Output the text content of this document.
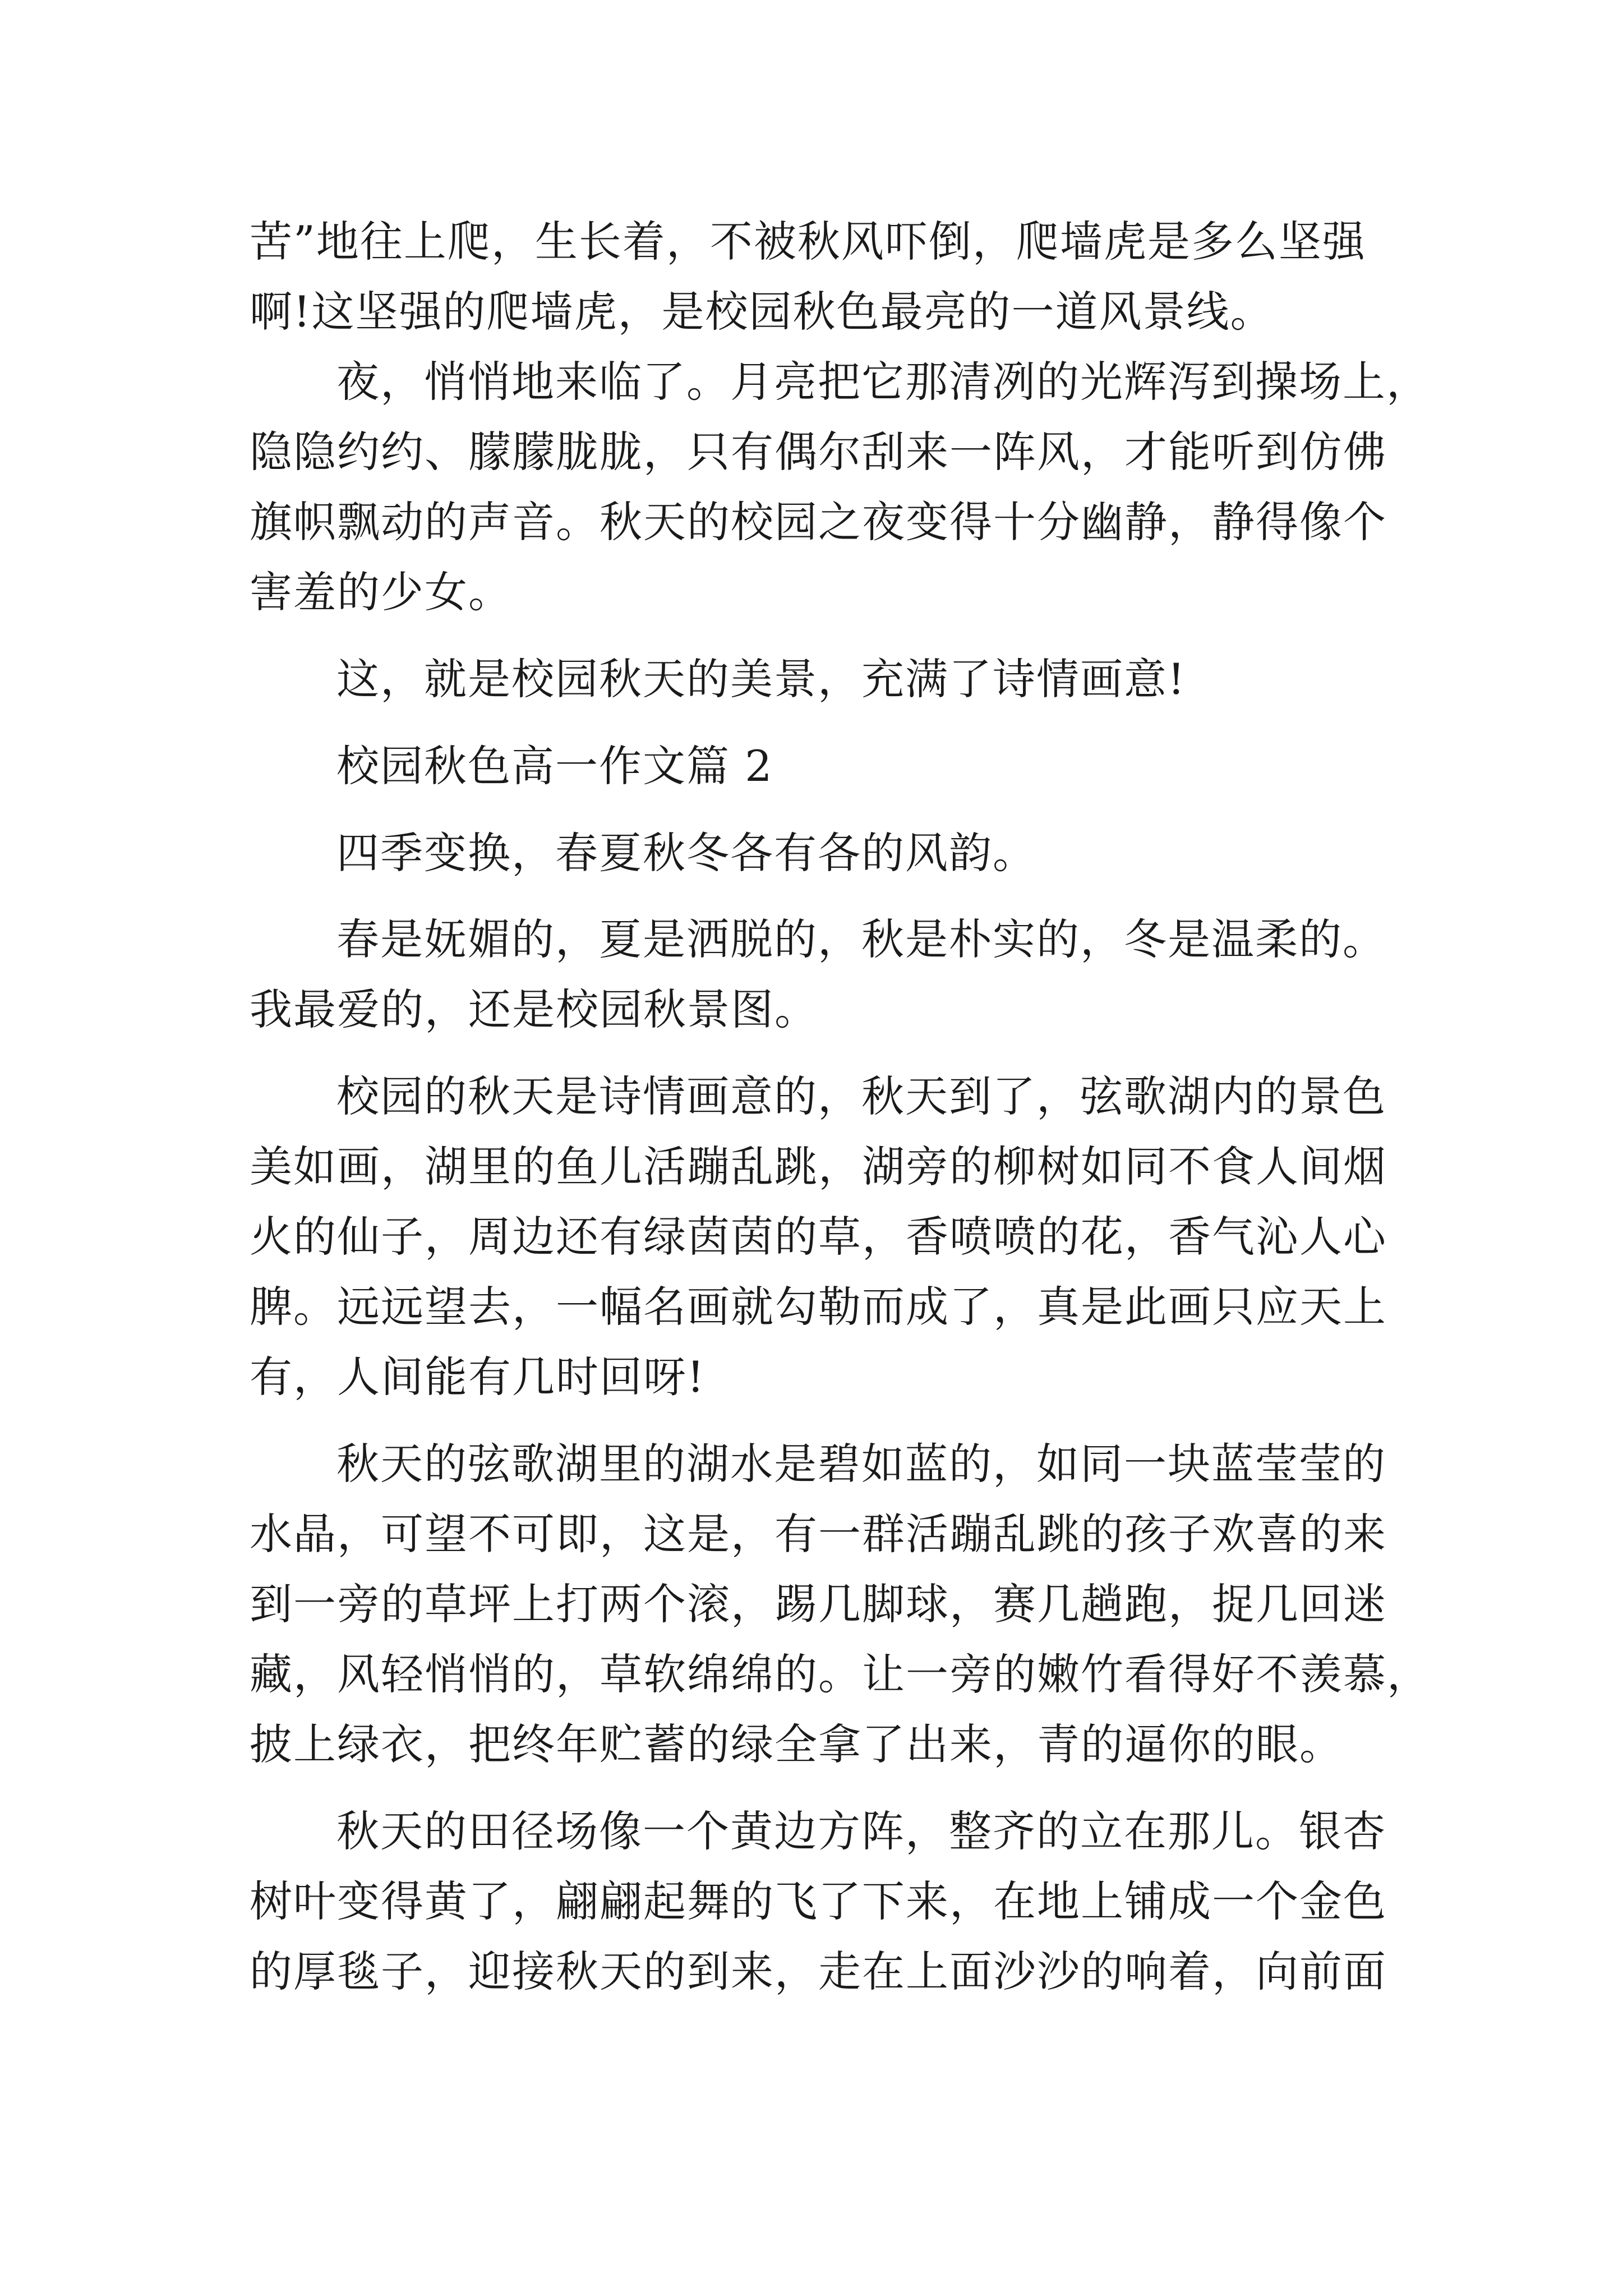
苦”地往上爬，生长着，不被秋风吓倒，爬墙虎是多么坚强
啊!这坚强的爬墙虎，是校园秋色最亮的一道风景线。
夜，悄悄地来临了。月亮把它那清冽的光辉泻到操场上，
隐隐约约、朦朦胧胧，只有偶尔刮来一阵风，才能听到仿佛
旗帜飘动的声音。秋天的校园之夜变得十分幽静，静得像个
害羞的少女。
这，就是校园秋天的美景，充满了诗情画意!
校园秋色高一作文篇 2
四季变换，春夏秋冬各有各的风韵。
春是妩媚的，夏是洒脱的，秋是朴实的，冬是温柔的。
我最爱的，还是校园秋景图。
校园的秋天是诗情画意的，秋天到了，弦歌湖内的景色
美如画，湖里的鱼儿活蹦乱跳，湖旁的柳树如同不食人间烟
火的仙子，周边还有绿茵茵的草，香喷喷的花，香气沁人心
脾。远远望去，一幅名画就勾勒而成了，真是此画只应天上
有，人间能有几时回呀!
秋天的弦歌湖里的湖水是碧如蓝的，如同一块蓝莹莹的
水晶，可望不可即，这是，有一群活蹦乱跳的孩子欢喜的来
到一旁的草坪上打两个滚，踢几脚球，赛几趟跑，捉几回迷
藏，风轻悄悄的，草软绵绵的。让一旁的嫩竹看得好不羡慕，
披上绿衣，把终年贮蓄的绿全拿了出来，青的逼你的眼。
秋天的田径场像一个黄边方阵，整齐的立在那儿。银杏
树叶变得黄了，翩翩起舞的飞了下来，在地上铺成一个金色
的厚毯子，迎接秋天的到来，走在上面沙沙的响着，向前面
